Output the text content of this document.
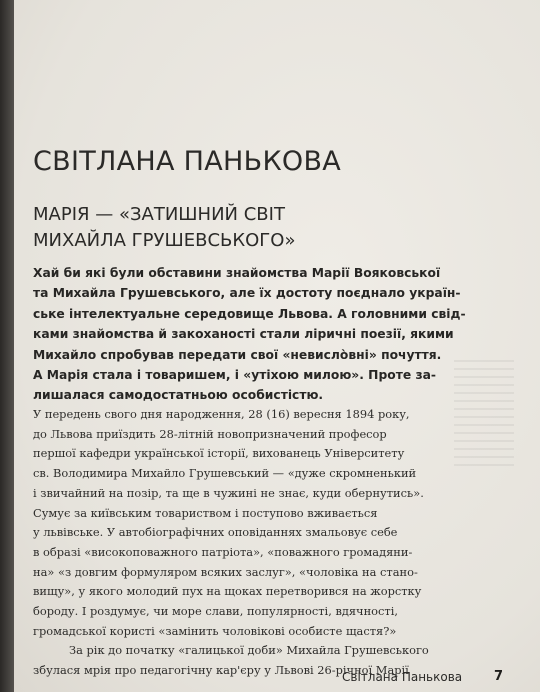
СВІТЛАНА ПАНЬКОВА
МАРІЯ — «ЗАТИШНИЙ СВІТ
МИХАЙЛА ГРУШЕВСЬКОГО»

Хай би які були обставини знайомства Марії Вояковської
та Михайла Грушевського, але їх достоту поєднало україн-
ське інтелектуальне середовище Львова. А головними свід-
ками знайомства й закоханості стали ліричні поезії, якими
Михайло спробував передати свої «невисло̀вні» почуття.
А Марія стала і товаришем, і «утіхою милою». Проте за-
лишалася самодостатньою особистістю.

У передень свого дня народження, 28 (16) вересня 1894 року,
до Львова приїздить 28-літній новопризначений професор
першої кафедри української історії, вихованець Університету
св. Володимира Михайло Грушевський — «дуже скромненький
і звичайний на позір, та ще в чужині не знає, куди обернутись».
Сумує за київським товариством і поступово вживається
у львівське. У автобіографічних оповіданнях змальовує себе
в образі «високоповажного патріота», «поважного громадяни-
на» «з довгим формуляром всяких заслуг», «чоловіка на стано-
вищу», у якого молодий пух на щоках перетворився на жорстку
бороду. І роздумує, чи море слави, популярності, вдячності,
громадської користі «замінить чоловікові особисте щастя?»
За рік до початку «галицької доби» Михайла Грушевського
збулася мрія про педагогічну кар'єру у Львові 26-річної Марії

Світлана Панькова 7
